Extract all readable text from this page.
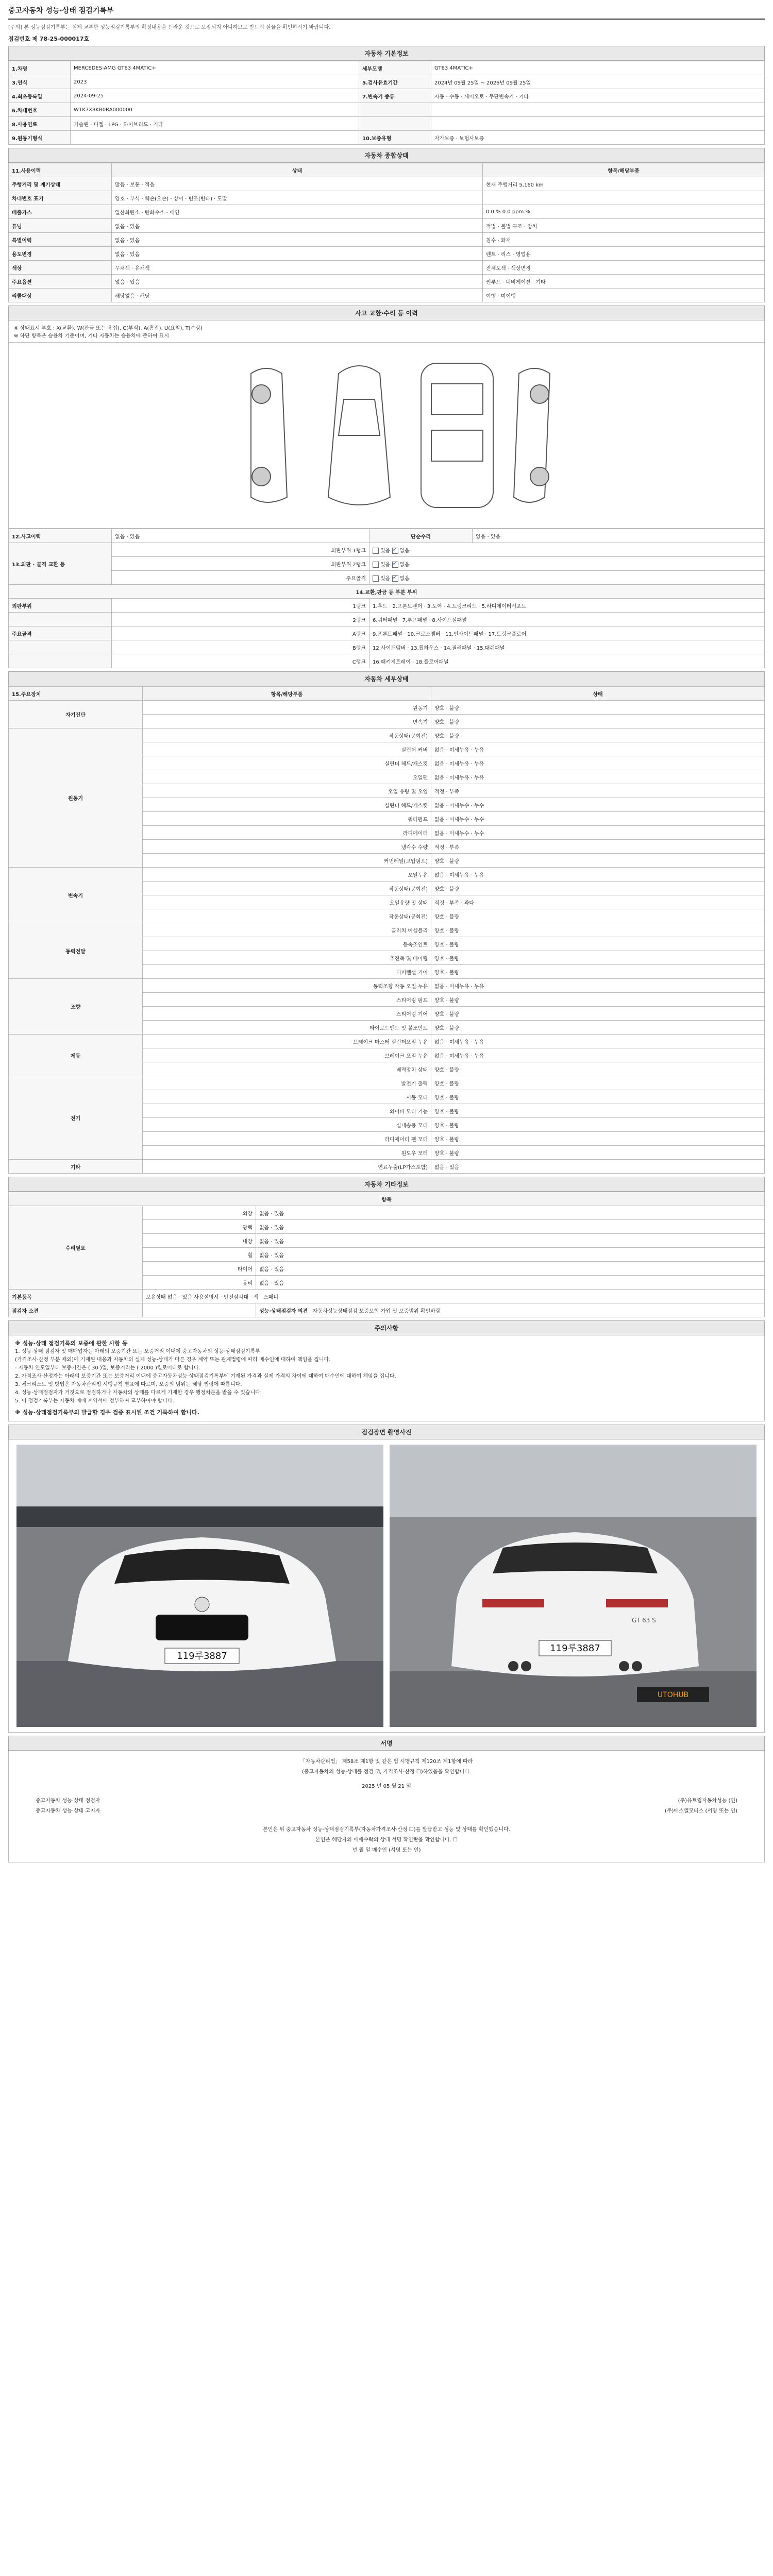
중고자동차 성능·상태 점검기록부
[주의] 본 성능점검기록부는 실제 교부한 성능점검기록부의 확정내용을 뜬라운 것으로 보장되지 아니하므로 반드시 실물을 확인하시기 바랍니다.
점검번호 제 78-25-000017호
자동차 기본정보
1.차명	MERCEDES-AMG GT63 4MATIC+	세부모델	GT63 4MATIC+
3.연식	2023	5.검사유효기간	2024년 09월 25일 ~ 2026년 09월 25일
4.최초등록일	2024-09-25	7.변속기 종류	자동 · 수동 · 세미오토 · 무단변속기 · 기타
6.차대번호	W1K7X8KB0RA000000		
8.사용연료	가솔린 · 디젤 · LPG · 하이브리드 · 기타		
9.원동기형식		10.보증유형	자가보증 · 보험사보증
자동차 종합상태
11.사용이력	상태	항목/해당부품
주행거리 및 계기상태	많음 · 보통 · 적음	현재 주행거리 5,160 km
차대번호 표기	양호 · 부식 · 훼손(오손) · 상이 · 변조(변타) · 도말	
배출가스	일산화탄소 · 탄화수소 · 매연	0.0 % 0.0 ppm %
튜닝	없음 · 있음	적법 · 불법 구조 · 장치
특별이력	없음 · 있음	침수 · 화재
용도변경	없음 · 있음	렌트 · 리스 · 영업용
색상	무채색 · 유채색	전체도색 · 색상변경
주요옵션	없음 · 있음	썬루프 · 네비게이션 · 기타
리콜대상	해당없음 · 해당	이행 · 미이행
사고 교환·수리 등 이력
※ 상태표시 부호 : X(교환), W(판금 또는 용접), C(부식), A(흠집), U(요철), T(손상)
※ 하단 항목은 승용차 기준이며, 기타 자동차는 승용차에 준하여 표시
12.사고이력	없음 · 있음	단순수리	없음 · 있음
13.외판 · 골격 교환 등	외판부위 1랭크	있음 ✓없음
	외판부위 2랭크	있음 ✓없음
	주요골격	있음 ✓없음
14.교환,판금 등 부분 부위			
외판부위	1랭크	1.후드 · 2.프론트펜더 · 3.도어 · 4.트렁크리드 · 5.라디에이터서포트	
	2랭크	6.쿼터패널 · 7.루프패널 · 8.사이드실패널	
주요골격	A랭크	9.프론트패널 · 10.크로스멤버 · 11.인사이드패널 · 17.트렁크플로어	
	B랭크	12.사이드멤버 · 13.휠하우스 · 14.필러패널 · 15.대쉬패널	
	C랭크	16.패키지트레이 · 18.플로어패널	
자동차 세부상태
15.주요장치	항목/해당부품	상태
자기진단	원동기	양호 · 불량
	변속기	양호 · 불량
원동기	작동상태(공회전)	양호 · 불량
	실린더 커버	없음 · 미세누유 · 누유
	실린더 헤드/개스킷	없음 · 미세누유 · 누유
	오일팬	없음 · 미세누유 · 누유
	오일 유량 및 오염	적정 · 부족
	실린더 헤드/개스킷	없음 · 미세누수 · 누수
	워터펌프	없음 · 미세누수 · 누수
	라디에이터	없음 · 미세누수 · 누수
	냉각수 수량	적정 · 부족
	커먼레일(고압펌프)	양호 · 불량
변속기	오일누유	없음 · 미세누유 · 누유
	작동상태(공회전)	양호 · 불량
	오일유량 및 상태	적정 · 부족 · 과다
	작동상태(공회전)	양호 · 불량
동력전달	클러치 어셈블리	양호 · 불량
	등속조인트	양호 · 불량
	추진축 및 베어링	양호 · 불량
	디퍼렌셜 기어	양호 · 불량
조향	동력조향 작동 오일 누유	없음 · 미세누유 · 누유
	스티어링 펌프	양호 · 불량
	스티어링 기어	양호 · 불량
	타이로드엔드 및 볼조인트	양호 · 불량
제동	브레이크 마스터 실린더오일 누유	없음 · 미세누유 · 누유
	브레이크 오일 누유	없음 · 미세누유 · 누유
	배력장치 상태	양호 · 불량
전기	발전기 출력	양호 · 불량
	시동 모터	양호 · 불량
	와이퍼 모터 기능	양호 · 불량
	실내송풍 모터	양호 · 불량
	라디에이터 팬 모터	양호 · 불량
	윈도우 모터	양호 · 불량
기타	연료누출(LP가스포함)	없음 · 있음
자동차 기타정보
항목		
수리필요	외장	없음 · 있음
	광택	없음 · 있음
	내장	없음 · 있음
	휠	없음 · 있음
	타이어	없음 · 있음
	유리	없음 · 있음
기본품목	보유상태 없음 · 있음 사용설명서 · 안전삼각대 · 잭 · 스패너	
점검자 소견		성능·상태점검자 의견 자동차성능상태점검 보증보험 가입 및 보증범위 확인바람
주의사항
※ 성능·상태 점검기록의 보증에 관한 사항 등
1. 성능·상태 점검자 및 매매업자는 아래의 보증기간 또는 보증거리 이내에 중고자동차의 성능·상태점검기록부
(가격조사·산정 부분 제외)에 기재된 내용과 자동차의 실제 성능·상태가 다른 경우 계약 또는 관계법령에 따라 매수인에 대하여 책임을 집니다.
- 자동차 인도일부터 보증기간은 ( 30 )일, 보증거리는 ( 2000 )킬로미터로 합니다.
2. 가격조사·산정자는 아래의 보증기간 또는 보증거리 이내에 중고자동차성능·상태점검기록부에 기재된 가격과 실제 가격의 차이에 대하여 매수인에 대하여 책임을 집니다.
3. 체크리스트 및 방법은 자동차관리법 시행규칙 별표에 따르며, 보증의 범위는 해당 법령에 따릅니다.
4. 성능·상태점검자가 거짓으로 점검하거나 자동차의 상태를 다르게 기재한 경우 행정처분을 받을 수 있습니다.
5. 이 점검기록부는 자동차 매매 계약서에 첨부하여 교부하여야 합니다.
※ 성능·상태점검기록부의 발급할 경우 검증 표시된 조건 기록하여 합니다.
점검장면 촬영사진
119루3887
GT 63 S
119루3887
UTOHUB
서명
「자동차관리법」 제58조 제1항 및 같은 법 시행규칙 제120조 제1항에 따라
(중고자동차의 성능·상태를 점검 ☑, 가격조사·산정 ☐)하였음을 확인합니다.
2025 년 05 월 21 일
중고자동차 성능·상태 점검자	(주)유트립자동차성능 (인)
중고자동차 성능·상태 고지자	(주)에스엘모터스 (서명 또는 인)
본인은 위 중고자동차 성능·상태점검기록부(자동차가격조사·산정 ☐)를 발급받고 성능 및 상태를 확인했습니다.
본인은 해당자의 매매수락의 상태 서명 확인란을 확인합니다. ☐
년 월 일 매수인 (서명 또는 인)
